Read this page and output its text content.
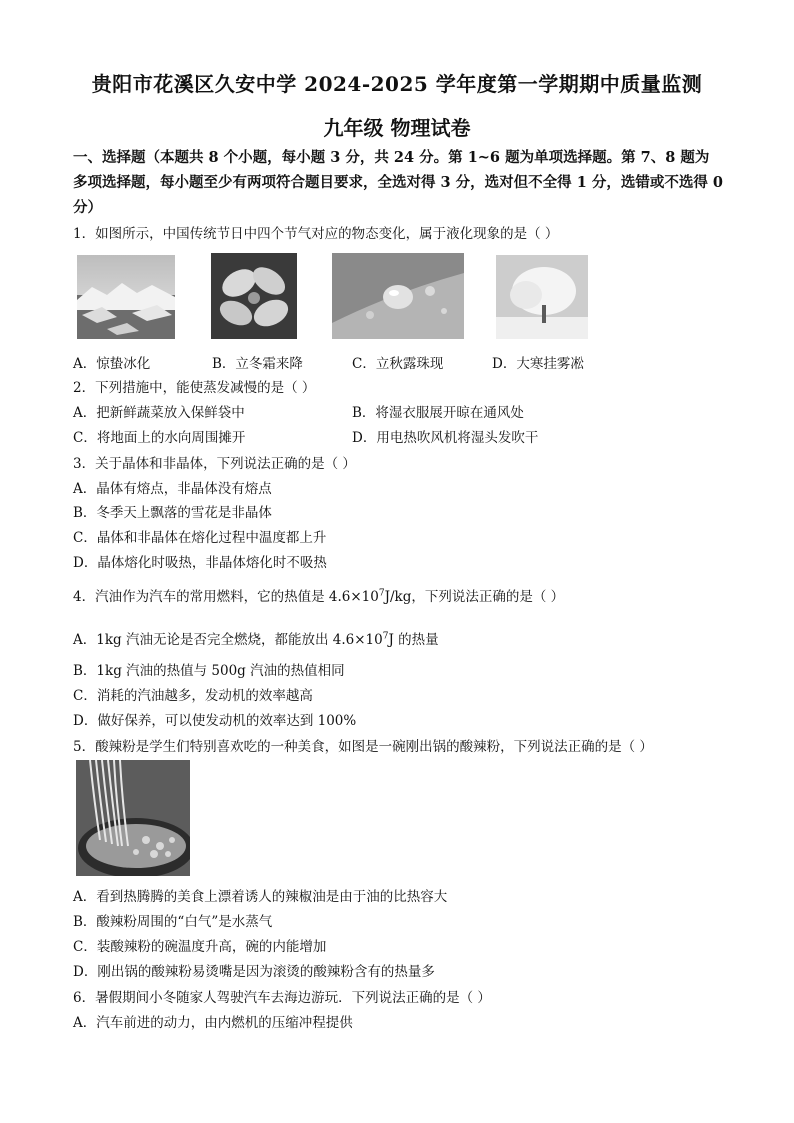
贵阳市花溪区久安中学 2024-2025 学年度第一学期期中质量监测
九年级 物理试卷
一、选择题（本题共 8 个小题，每小题 3 分，共 24 分。第 1~6 题为单项选择题。第 7、8 题为多项选择题，每小题至少有两项符合题目要求，全选对得 3 分，选对但不全得 1 分，选错或不选得 0 分）
1．如图所示，中国传统节日中四个节气对应的物态变化，属于液化现象的是（ ）
A．惊蛰冰化	B．立冬霜来降	C．立秋露珠现	D．大寒挂雾凇
2．下列措施中，能使蒸发减慢的是（ ）
A．把新鲜蔬菜放入保鲜袋中	B．将湿衣服展开晾在通风处
C．将地面上的水向周围摊开	D．用电热吹风机将湿头发吹干
3．关于晶体和非晶体，下列说法正确的是（ ）
A．晶体有熔点，非晶体没有熔点
B．冬季天上飘落的雪花是非晶体
C．晶体和非晶体在熔化过程中温度都上升
D．晶体熔化时吸热，非晶体熔化时不吸热
4．汽油作为汽车的常用燃料，它的热值是 $4.6\times 10^7J/kg$，下列说法正确的是（ ）
A．1kg 汽油无论是否完全燃烧，都能放出 $4.6\times 10^7J$ 的热量
B．1kg 汽油的热值与 500g 汽油的热值相同
C．消耗的汽油越多，发动机的效率越高
D．做好保养，可以使发动机的效率达到 100%
5．酸辣粉是学生们特别喜欢吃的一种美食，如图是一碗刚出锅的酸辣粉，下列说法正确的是（ ）
A．看到热腾腾的美食上漂着诱人的辣椒油是由于油的比热容大
B．酸辣粉周围的“白气”是水蒸气
C．装酸辣粉的碗温度升高，碗的内能增加
D．刚出锅的酸辣粉易烫嘴是因为滚烫的酸辣粉含有的热量多
6．暑假期间小冬随家人驾驶汽车去海边游玩．下列说法正确的是（ ）
A．汽车前进的动力，由内燃机的压缩冲程提供
